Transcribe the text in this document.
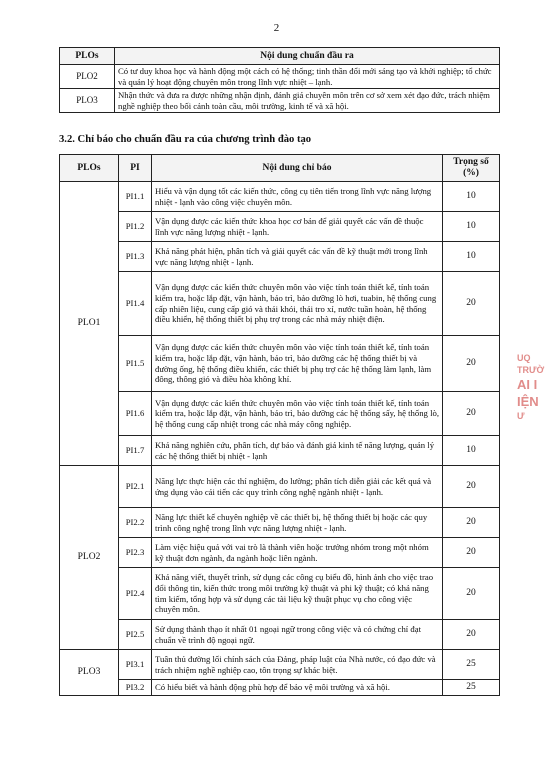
2
PLOs	Nội dung chuẩn đầu ra
PLO2	Có tư duy khoa học và hành động một cách có hệ thống; tinh thần đổi mới sáng tạo và khởi nghiệp; tổ chức và quản lý hoạt động chuyên môn trong lĩnh vực nhiệt – lạnh.
PLO3	Nhận thức và đưa ra được những nhận định, đánh giá chuyên môn trên cơ sở xem xét đạo đức, trách nhiệm nghề nghiệp theo bối cảnh toàn cầu, môi trường, kinh tế và xã hội.
3.2. Chỉ báo cho chuẩn đầu ra của chương trình đào tạo
PLOs	PI	Nội dung chỉ báo	Trọng số (%)
PLO1	PI1.1	Hiểu và vận dụng tốt các kiến thức, công cụ tiên tiến trong lĩnh vực năng lượng nhiệt - lạnh vào công việc chuyên môn.	10
	PI1.2	Vận dụng được các kiến thức khoa học cơ bản để giải quyết các vấn đề thuộc lĩnh vực năng lượng nhiệt - lạnh.	10
	PI1.3	Khả năng phát hiện, phân tích và giải quyết các vấn đề kỹ thuật mới trong lĩnh vực năng lượng nhiệt - lạnh.	10
	PI1.4	Vận dụng được các kiến thức chuyên môn vào việc tính toán thiết kế, tính toán kiểm tra, hoặc lắp đặt, vận hành, bảo trì, bảo dưỡng lò hơi, tuabin, hệ thống cung cấp nhiên liệu, cung cấp gió và thải khói, thải tro xỉ, nước tuần hoàn, hệ thống điều khiển, hệ thống thiết bị phụ trợ trong các nhà máy nhiệt điện.	20
	PI1.5	Vận dụng được các kiến thức chuyên môn vào việc tính toán thiết kế, tính toán kiểm tra, hoặc lắp đặt, vận hành, bảo trì, bảo dưỡng các hệ thống thiết bị và đường ống, hệ thống điều khiển, các thiết bị phụ trợ các hệ thống làm lạnh, làm đông, thông gió và điều hòa không khí.	20
	PI1.6	Vận dụng được các kiến thức chuyên môn vào việc tính toán thiết kế, tính toán kiểm tra, hoặc lắp đặt, vận hành, bảo trì, bảo dưỡng các hệ thống sấy, hệ thống lò, hệ thống cung cấp nhiệt trong các nhà máy công nghiệp.	20
	PI1.7	Khả năng nghiên cứu, phân tích, dự báo và đánh giá kinh tế năng lượng, quản lý các hệ thống thiết bị nhiệt - lạnh	10
PLO2	PI2.1	Năng lực thực hiện các thí nghiệm, đo lường; phân tích diễn giải các kết quả và ứng dụng vào cải tiến các quy trình công nghệ ngành nhiệt - lạnh.	20
	PI2.2	Năng lực thiết kế chuyên nghiệp về các thiết bị, hệ thống thiết bị hoặc các quy trình công nghệ trong lĩnh vực năng lượng nhiệt - lạnh.	20
	PI2.3	Làm việc hiệu quả với vai trò là thành viên hoặc trưởng nhóm trong một nhóm kỹ thuật đơn ngành, đa ngành hoặc liên ngành.	20
	PI2.4	Khả năng viết, thuyết trình, sử dụng các công cụ biểu đồ, hình ảnh cho việc trao đổi thông tin, kiến thức trong môi trường kỹ thuật và phi kỹ thuật; có khả năng tìm kiếm, tổng hợp và sử dụng các tài liệu kỹ thuật phục vụ cho công việc chuyên môn.	20
	PI2.5	Sử dụng thành thạo ít nhất 01 ngoại ngữ trong công việc và có chứng chỉ đạt chuẩn về trình độ ngoại ngữ.	20
PLO3	PI3.1	Tuân thủ đường lối chính sách của Đảng, pháp luật của Nhà nước, có đạo đức và trách nhiệm nghề nghiệp cao, tôn trọng sự khác biệt.	25
	PI3.2	Có hiểu biết và hành động phù hợp để bảo vệ môi trường và xã hội.	25
UQ
TRƯỜ
AI I
IỆN
Ư
